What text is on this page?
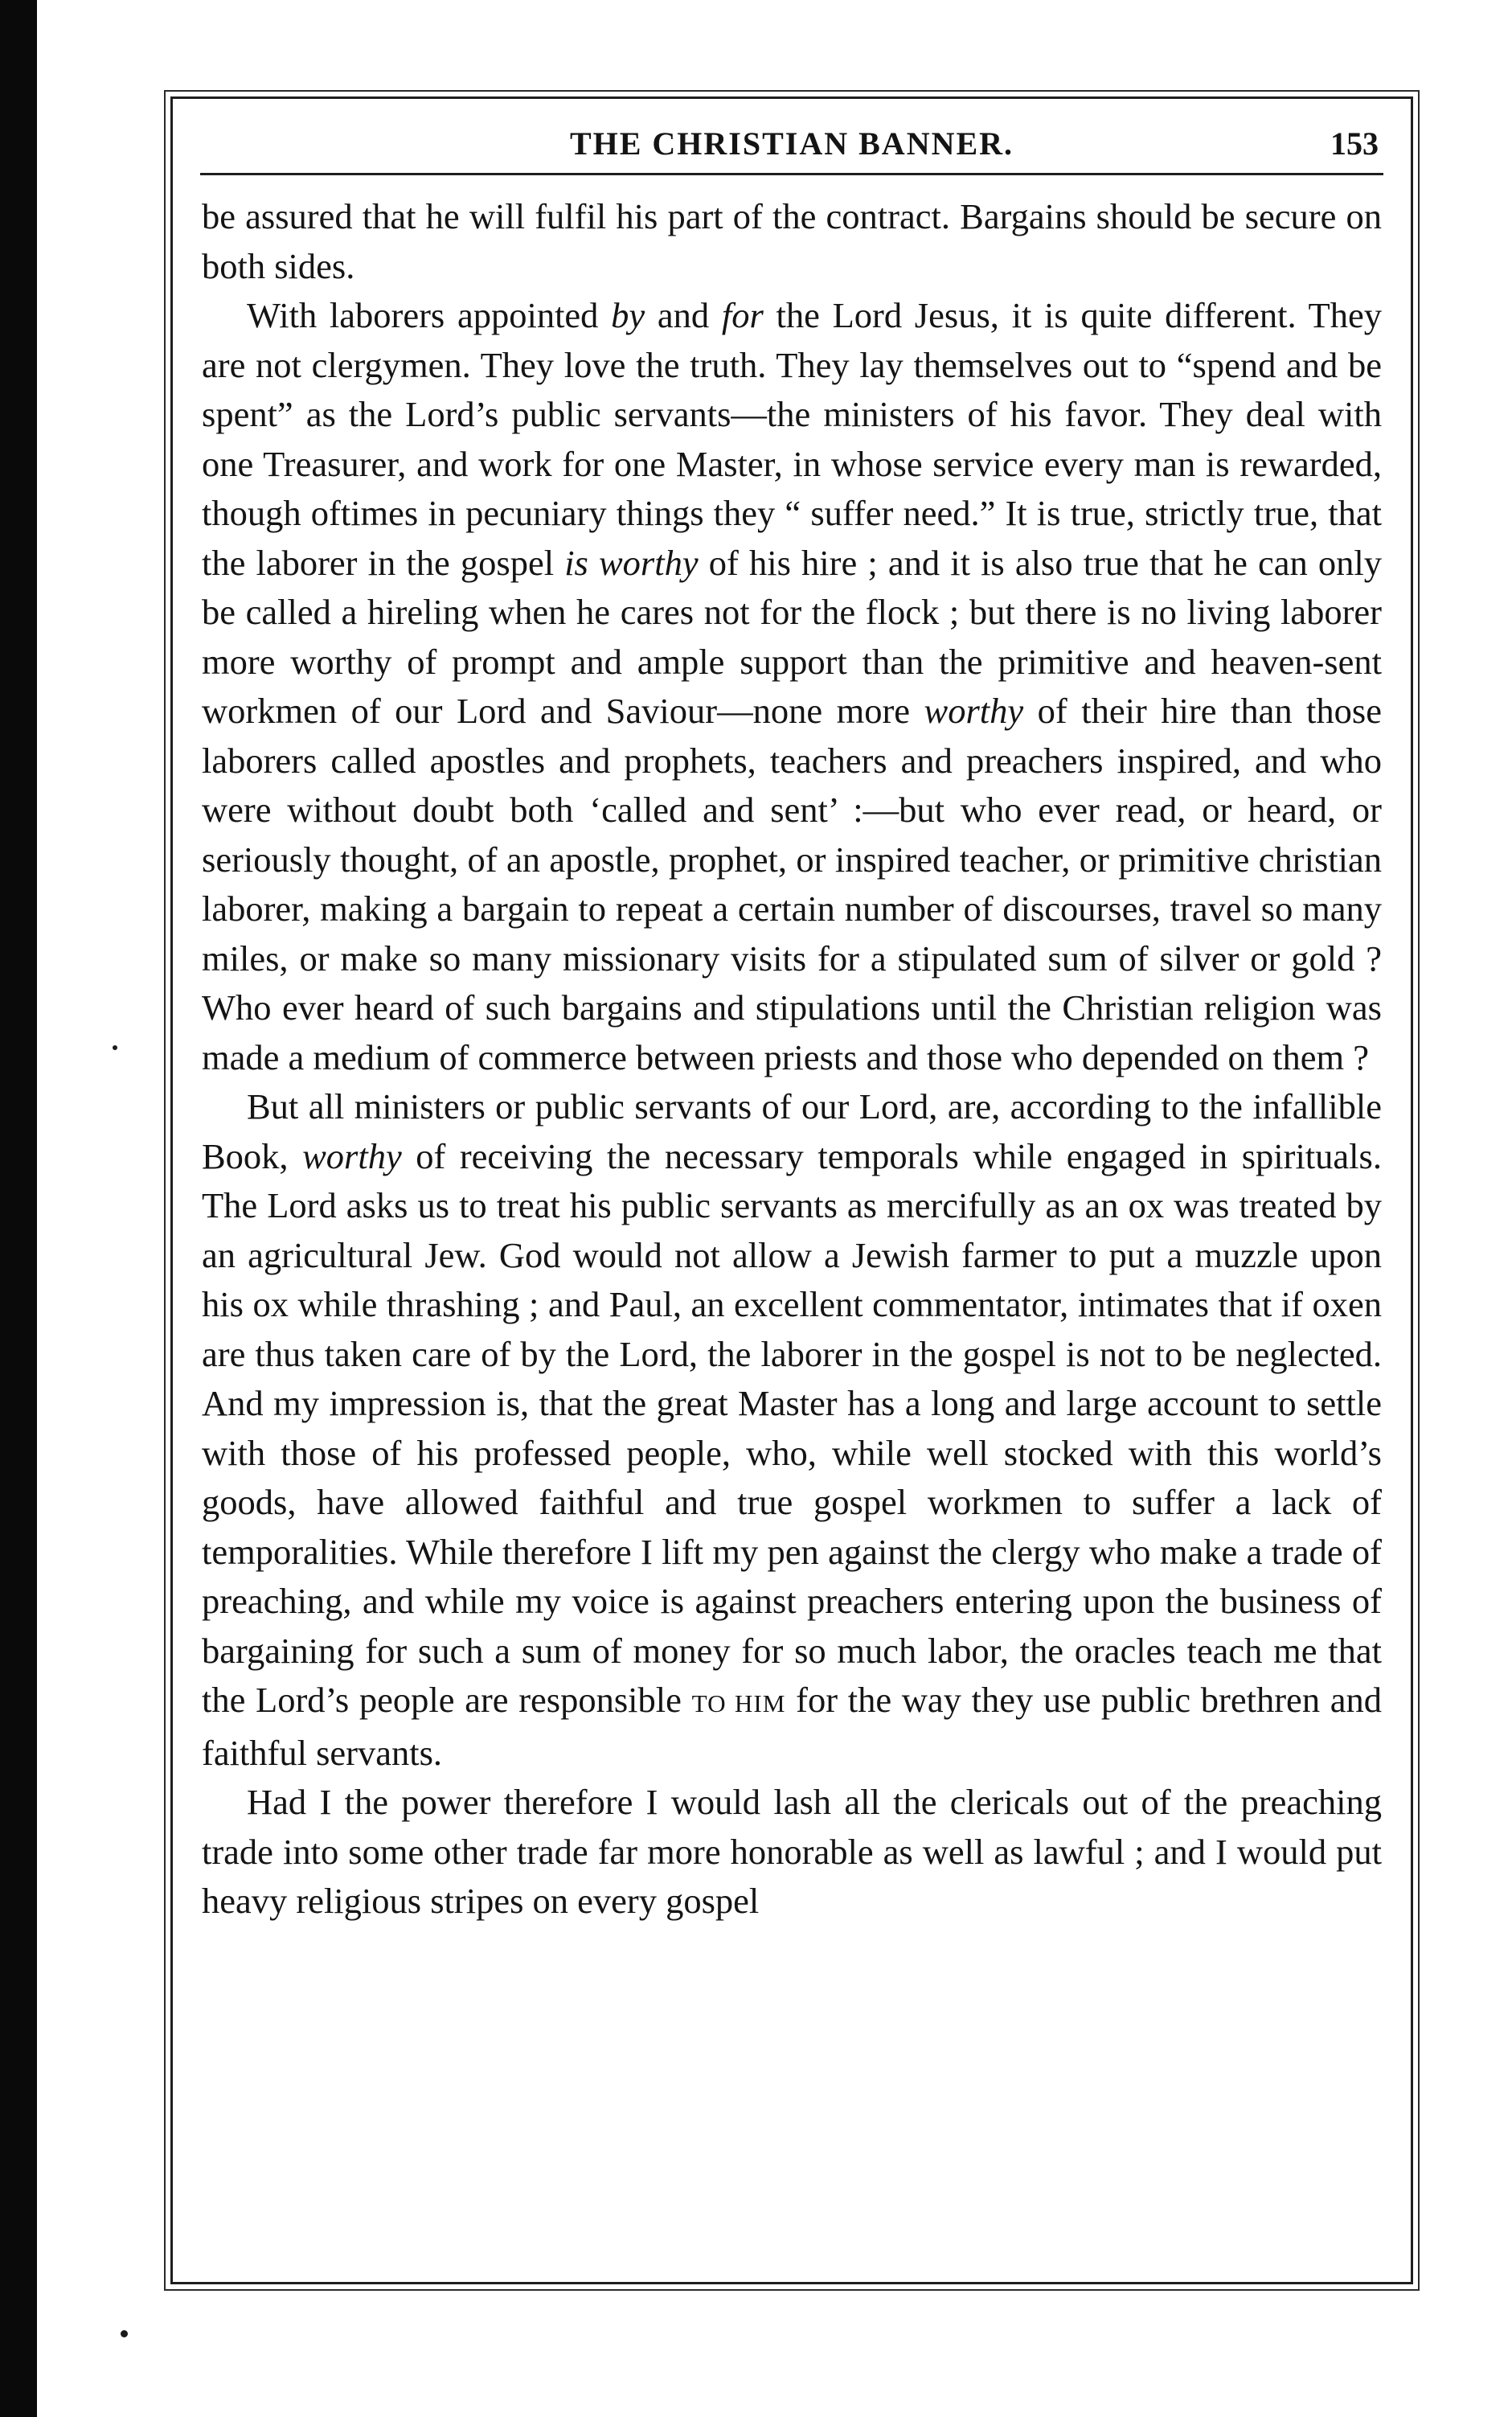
THE CHRISTIAN BANNER.	153

be assured that he will fulfil his part of the contract. Bargains should be secure on both sides.

With laborers appointed by and for the Lord Jesus, it is quite different. They are not clergymen. They love the truth. They lay themselves out to “spend and be spent” as the Lord’s public servants—the ministers of his favor. They deal with one Treasurer, and work for one Master, in whose service every man is rewarded, though oftimes in pecuniary things they “ suffer need.” It is true, strictly true, that the laborer in the gospel is worthy of his hire ; and it is also true that he can only be called a hireling when he cares not for the flock ; but there is no living laborer more worthy of prompt and ample support than the primitive and heaven-sent workmen of our Lord and Saviour—none more worthy of their hire than those laborers called apostles and prophets, teachers and preachers inspired, and who were without doubt both ‘called and sent’ :—but who ever read, or heard, or seriously thought, of an apostle, prophet, or inspired teacher, or primitive christian laborer, making a bargain to repeat a certain number of discourses, travel so many miles, or make so many missionary visits for a stipulated sum of silver or gold ? Who ever heard of such bargains and stipulations until the Christian religion was made a medium of commerce between priests and those who depended on them ?

But all ministers or public servants of our Lord, are, according to the infallible Book, worthy of receiving the necessary temporals while engaged in spirituals. The Lord asks us to treat his public servants as mercifully as an ox was treated by an agricultural Jew. God would not allow a Jewish farmer to put a muzzle upon his ox while thrashing ; and Paul, an excellent commentator, intimates that if oxen are thus taken care of by the Lord, the laborer in the gospel is not to be neglected. And my impression is, that the great Master has a long and large account to settle with those of his professed people, who, while well stocked with this world’s goods, have allowed faithful and true gospel workmen to suffer a lack of temporalities. While therefore I lift my pen against the clergy who make a trade of preaching, and while my voice is against preachers entering upon the business of bargaining for such a sum of money for so much labor, the oracles teach me that the Lord’s people are responsible TO HIM for the way they use public brethren and faithful servants.

Had I the power therefore I would lash all the clericals out of the preaching trade into some other trade far more honorable as well as lawful ; and I would put heavy religious stripes on every gospel
